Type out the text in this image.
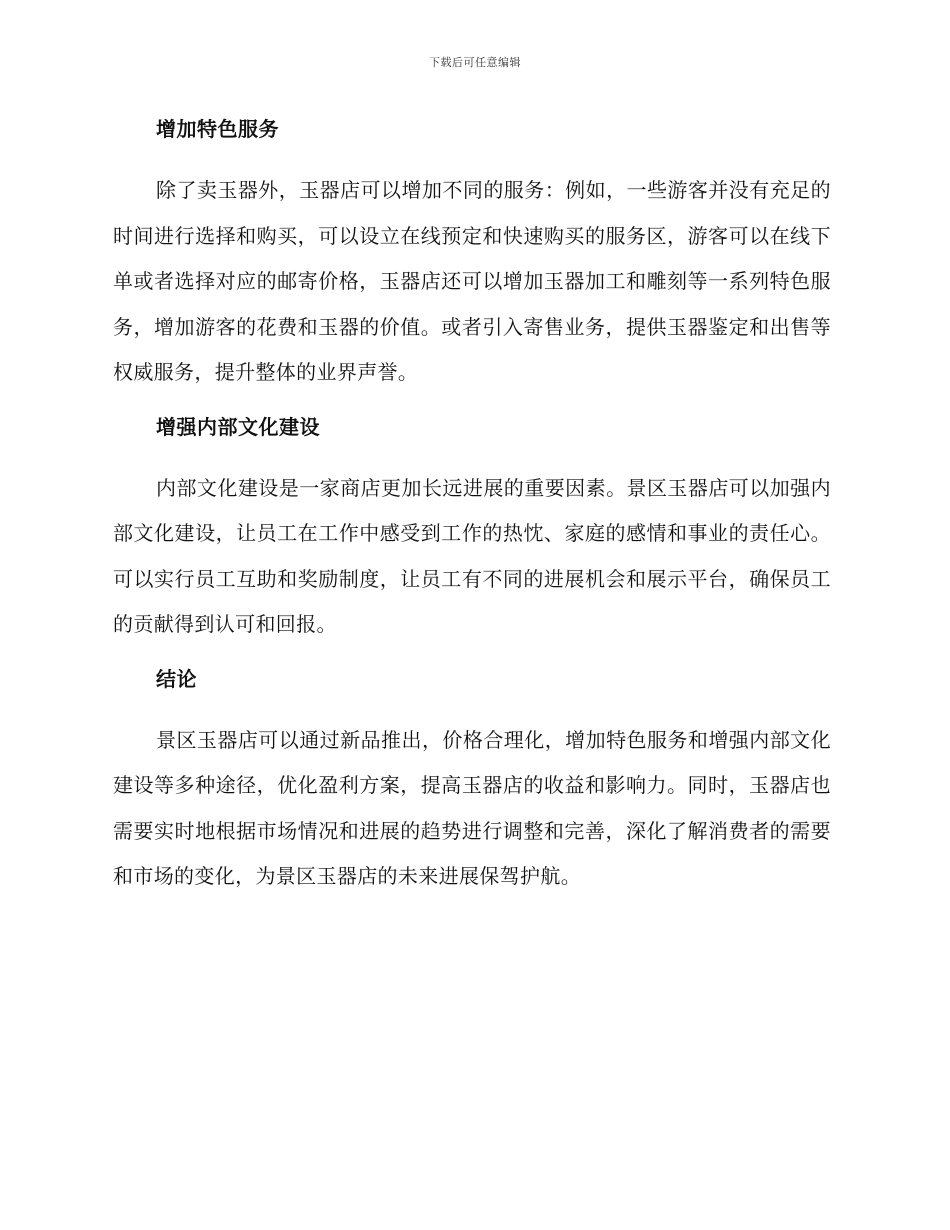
下载后可任意编辑
增加特色服务

除了卖玉器外，玉器店可以增加不同的服务：例如，一些游客并没有充足的时间进行选择和购买，可以设立在线预定和快速购买的服务区，游客可以在线下单或者选择对应的邮寄价格，玉器店还可以增加玉器加工和雕刻等一系列特色服务，增加游客的花费和玉器的价值。或者引入寄售业务，提供玉器鉴定和出售等权威服务，提升整体的业界声誉。

增强内部文化建设

内部文化建设是一家商店更加长远进展的重要因素。景区玉器店可以加强内部文化建设，让员工在工作中感受到工作的热忱、家庭的感情和事业的责任心。可以实行员工互助和奖励制度，让员工有不同的进展机会和展示平台，确保员工的贡献得到认可和回报。

结论

景区玉器店可以通过新品推出，价格合理化，增加特色服务和增强内部文化建设等多种途径，优化盈利方案，提高玉器店的收益和影响力。同时，玉器店也需要实时地根据市场情况和进展的趋势进行调整和完善，深化了解消费者的需要和市场的变化，为景区玉器店的未来进展保驾护航。
